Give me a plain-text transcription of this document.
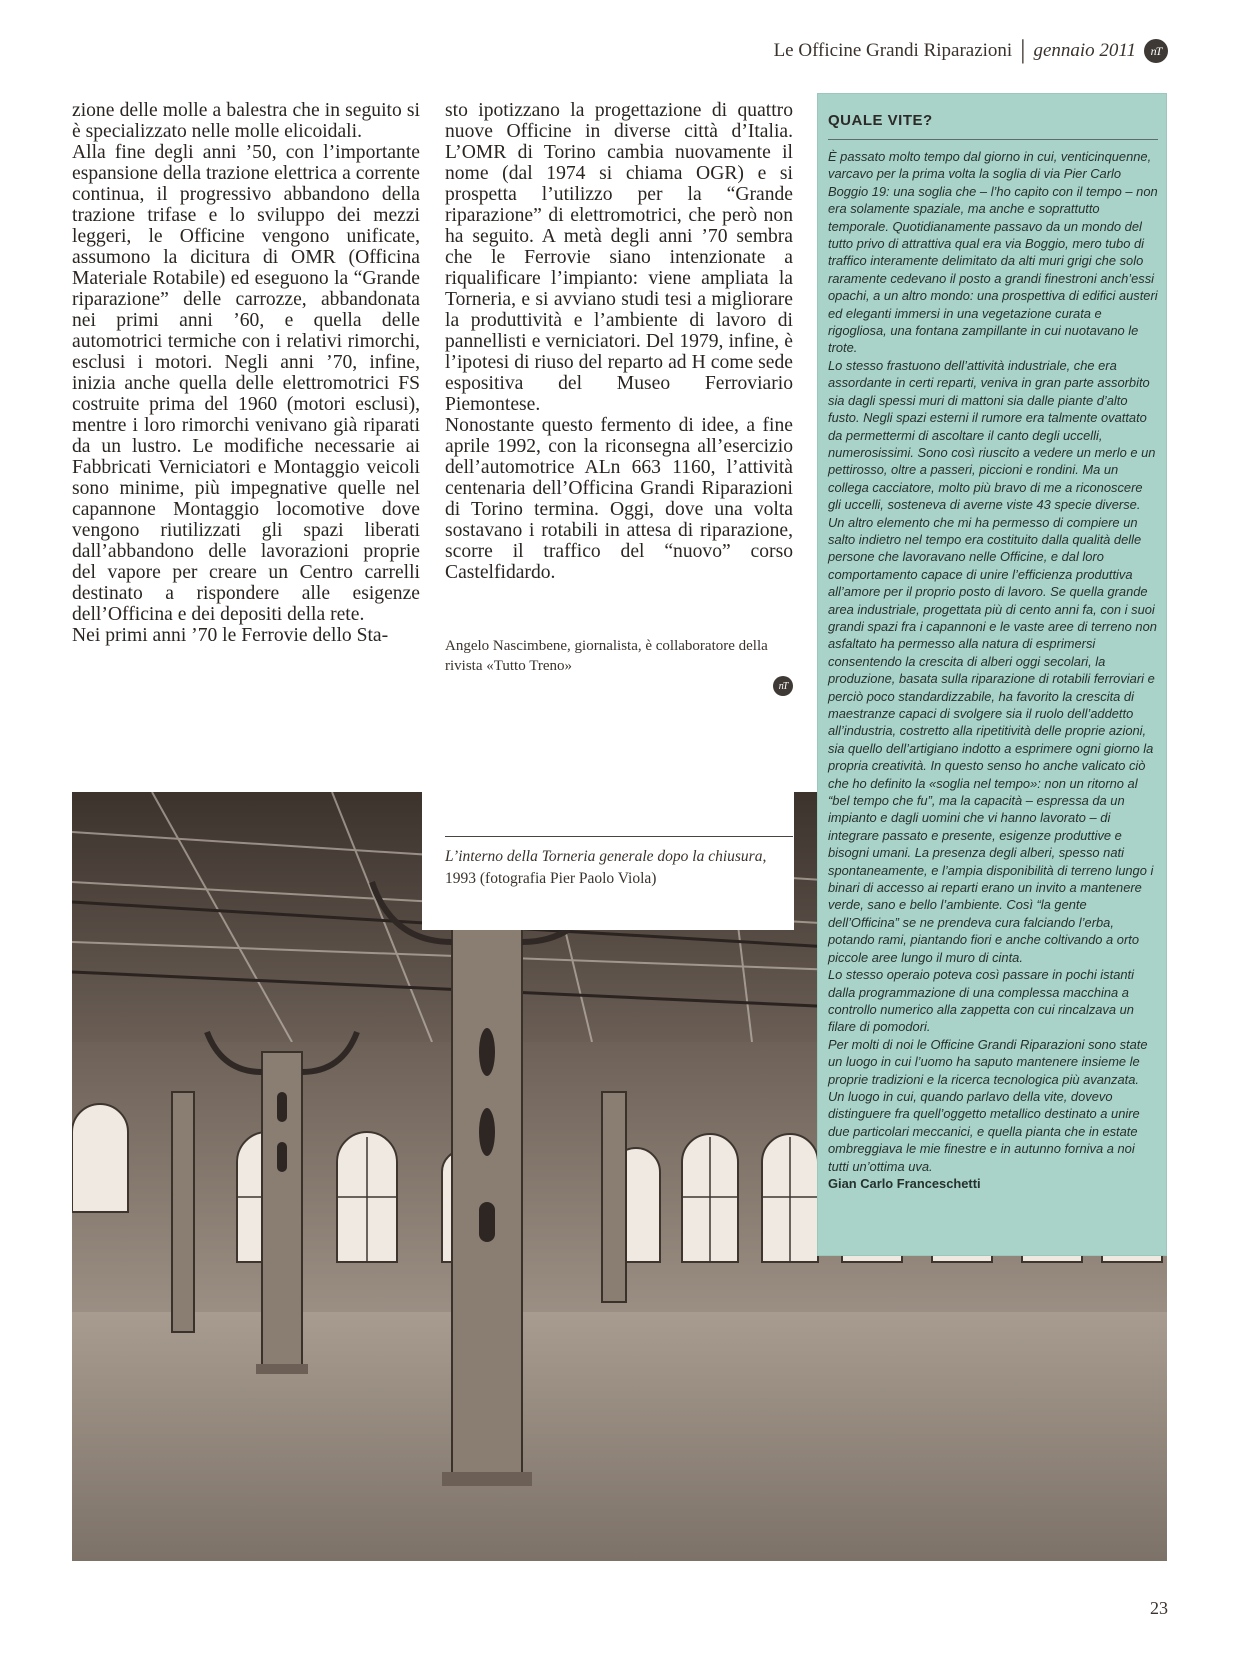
Le Officine Grandi Riparazioni | gennaio 2011	nT

zione delle molle a balestra che in seguito si è specializzato nelle molle elicoidali.

Alla fine degli anni ’50, con l’importante espansione della trazione elettrica a corrente continua, il progressivo abbandono della trazione trifase e lo sviluppo dei mezzi leggeri, le Officine vengono unificate, assumono la dicitura di OMR (Officina Materiale Rotabile) ed eseguono la “Grande riparazione” delle carrozze, abbandonata nei primi anni ’60, e quella delle automotrici termiche con i relativi rimorchi, esclusi i motori. Negli anni ’70, infine, inizia anche quella delle elettromotrici FS costruite prima del 1960 (motori esclusi), mentre i loro rimorchi venivano già riparati da un lustro. Le modifiche necessarie ai Fabbricati Verniciatori e Montaggio veicoli sono minime, più impegnative quelle nel capannone Montaggio locomotive dove vengono riutilizzati gli spazi liberati dall’abbandono delle lavorazioni proprie del vapore per creare un Centro carrelli destinato a rispondere alle esigenze dell’Officina e dei depositi della rete.

Nei primi anni ’70 le Ferrovie dello Sta-

sto ipotizzano la progettazione di quattro nuove Officine in diverse città d’Italia. L’OMR di Torino cambia nuovamente il nome (dal 1974 si chiama OGR) e si prospetta l’utilizzo per la “Grande riparazione” di elettromotrici, che però non ha seguito. A metà degli anni ’70 sembra che le Ferrovie siano intenzionate a riqualificare l’impianto: viene ampliata la Torneria, e si avviano studi tesi a migliorare la produttività e l’ambiente di lavoro di pannellisti e verniciatori. Del 1979, infine, è l’ipotesi di riuso del reparto ad H come sede espositiva del Museo Ferroviario Piemontese.

Nonostante questo fermento di idee, a fine aprile 1992, con la riconsegna all’esercizio dell’automotrice ALn 663 1160, l’attività centenaria dell’Officina Grandi Riparazioni di Torino termina. Oggi, dove una volta sostavano i rotabili in attesa di riparazione, scorre il traffico del “nuovo” corso Castelfidardo.

Angelo Nascimbene, giornalista, è collaboratore della rivista «Tutto Treno»
nT
QUALE VITE?

È passato molto tempo dal giorno in cui, venticinquenne, varcavo per la prima volta la soglia di via Pier Carlo Boggio 19: una soglia che – l’ho capito con il tempo – non era solamente spaziale, ma anche e soprattutto temporale. Quotidianamente passavo da un mondo del tutto privo di attrattiva qual era via Boggio, mero tubo di traffico interamente delimitato da alti muri grigi che solo raramente cedevano il posto a grandi finestroni anch’essi opachi, a un altro mondo: una prospettiva di edifici austeri ed eleganti immersi in una vegetazione curata e rigogliosa, una fontana zampillante in cui nuotavano le trote.

Lo stesso frastuono dell’attività industriale, che era assordante in certi reparti, veniva in gran parte assorbito sia dagli spessi muri di mattoni sia dalle piante d’alto fusto. Negli spazi esterni il rumore era talmente ovattato da permettermi di ascoltare il canto degli uccelli, numerosissimi. Sono così riuscito a vedere un merlo e un pettirosso, oltre a passeri, piccioni e rondini. Ma un collega cacciatore, molto più bravo di me a riconoscere gli uccelli, sosteneva di averne viste 43 specie diverse.

Un altro elemento che mi ha permesso di compiere un salto indietro nel tempo era costituito dalla qualità delle persone che lavoravano nelle Officine, e dal loro comportamento capace di unire l’efficienza produttiva all’amore per il proprio posto di lavoro. Se quella grande area industriale, progettata più di cento anni fa, con i suoi grandi spazi fra i capannoni e le vaste aree di terreno non asfaltato ha permesso alla natura di esprimersi consentendo la crescita di alberi oggi secolari, la produzione, basata sulla riparazione di rotabili ferroviari e perciò poco standardizzabile, ha favorito la crescita di maestranze capaci di svolgere sia il ruolo dell’addetto all’industria, costretto alla ripetitività delle proprie azioni, sia quello dell’artigiano indotto a esprimere ogni giorno la propria creatività. In questo senso ho anche valicato ciò che ho definito la «soglia nel tempo»: non un ritorno al “bel tempo che fu”, ma la capacità – espressa da un impianto e dagli uomini che vi hanno lavorato – di integrare passato e presente, esigenze produttive e bisogni umani. La presenza degli alberi, spesso nati spontaneamente, e l’ampia disponibilità di terreno lungo i binari di accesso ai reparti erano un invito a mantenere verde, sano e bello l’ambiente. Così “la gente dell’Officina” se ne prendeva cura falciando l’erba, potando rami, piantando fiori e anche coltivando a orto piccole aree lungo il muro di cinta.

Lo stesso operaio poteva così passare in pochi istanti dalla programmazione di una complessa macchina a controllo numerico alla zappetta con cui rincalzava un filare di pomodori.

Per molti di noi le Officine Grandi Riparazioni sono state un luogo in cui l’uomo ha saputo mantenere insieme le proprie tradizioni e la ricerca tecnologica più avanzata. Un luogo in cui, quando parlavo della vite, dovevo distinguere fra quell’oggetto metallico destinato a unire due particolari meccanici, e quella pianta che in estate ombreggiava le mie finestre e in autunno forniva a noi tutti un’ottima uva.

Gian Carlo Franceschetti
L’interno della Torneria generale dopo la chiusura,
1993 (fotografia Pier Paolo Viola)
23
